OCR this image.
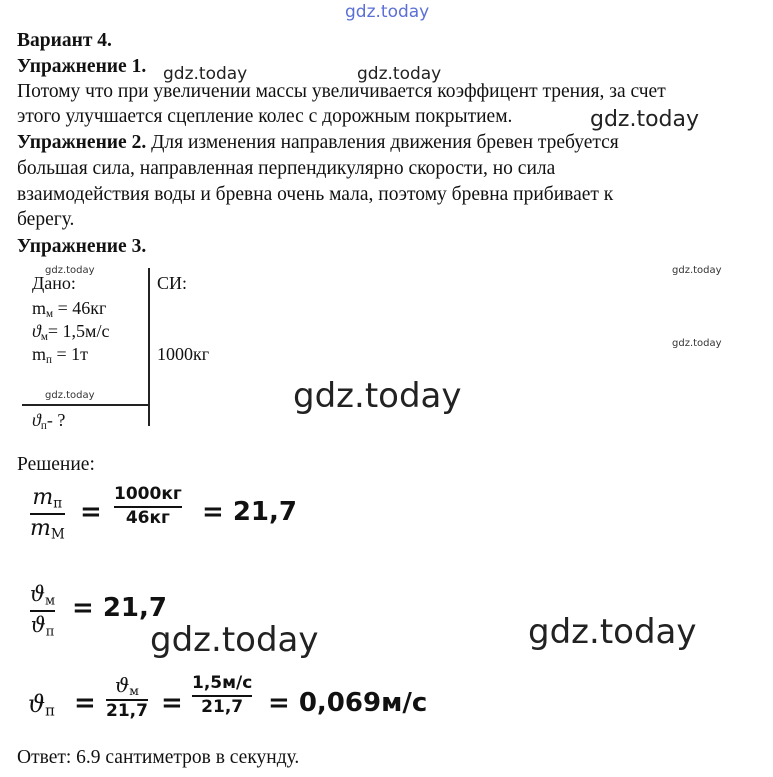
gdz.today
gdz.today	gdz.today
gdz.today
gdz.today	gdz.today
gdz.today
gdz.today	gdz.today
gdz.today	gdz.today
Вариант 4.
Упражнение 1.
Потому что при увеличении массы увеличивается коэффицент трения, за счет
этого улучшается сцепление колес с дорожным покрытием.
Упражнение 2. Для изменения направления движения бревен требуется
большая сила, направленная перпендикулярно скорости, но сила
взаимодействия воды и бревна очень мала, поэтому бревна прибивает к
берегу.
Упражнение 3.
Дано:	СИ:
$m_м = 46кг$
$ϑ_м= 1,5м/с$
$m_п = 1т$	1000кг
$ϑ_п-$ ?
Решение:
$m_п$
$m_М$
=
1000кг
46кг = 21,7
$ϑ_м$
$ϑ_п$
= 21,7
$ϑ_п$ =
$ϑ_м$
21,7 =
1,5м/с
21,7 = 0,069м/с
Ответ: 6.9 сантиметров в секунду.
